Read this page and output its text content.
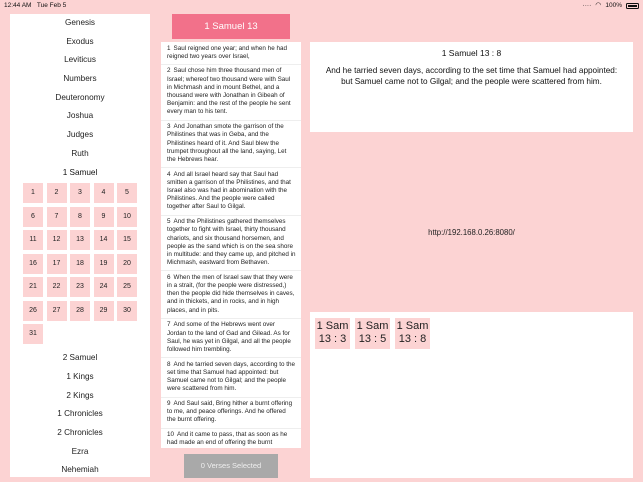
12:44 AM Tue Feb 5	···· ◠ 100%
Genesis
Exodus
Leviticus
Numbers
Deuteronomy
Joshua
Judges
Ruth
1 Samuel
1	2	3	4	5
6	7	8	9	10
11	12	13	14	15
16	17	18	19	20
21	22	23	24	25
26	27	28	29	30
31
2 Samuel
1 Kings
2 Kings
1 Chronicles
2 Chronicles
Ezra
Nehemiah
1 Samuel 13
1 Saul reigned one year; and when he had reigned two years over Israel,
2 Saul chose him three thousand men of Israel; whereof two thousand were with Saul in Michmash and in mount Bethel, and a thousand were with Jonathan in Gibeah of Benjamin: and the rest of the people he sent every man to his tent.
3 And Jonathan smote the garrison of the Philistines that was in Geba, and the Philistines heard of it. And Saul blew the trumpet throughout all the land, saying, Let the Hebrews hear.
4 And all Israel heard say that Saul had smitten a garrison of the Philistines, and that Israel also was had in abomination with the Philistines. And the people were called together after Saul to Gilgal.
5 And the Philistines gathered themselves together to fight with Israel, thirty thousand chariots, and six thousand horsemen, and people as the sand which is on the sea shore in multitude: and they came up, and pitched in Michmash, eastward from Bethaven.
6 When the men of Israel saw that they were in a strait, (for the people were distressed,) then the people did hide themselves in caves, and in thickets, and in rocks, and in high places, and in pits.
7 And some of the Hebrews went over Jordan to the land of Gad and Gilead. As for Saul, he was yet in Gilgal, and all the people followed him trembling.
8 And he tarried seven days, according to the set time that Samuel had appointed: but Samuel came not to Gilgal; and the people were scattered from him.
9 And Saul said, Bring hither a burnt offering to me, and peace offerings. And he offered the burnt offering.
10 And it came to pass, that as soon as he had made an end of offering the burnt
0 Verses Selected
1 Samuel 13 : 8
And he tarried seven days, according to the set time that Samuel had appointed: but Samuel came not to Gilgal; and the people were scattered from him.
http://192.168.0.26:8080/
1 Sam
13 : 3
1 Sam
13 : 5
1 Sam
13 : 8
